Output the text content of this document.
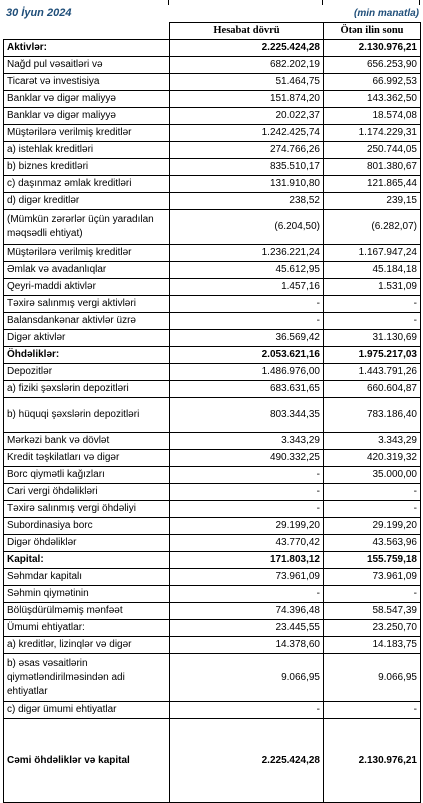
30 İyun 2024	(min manatla)
	Hesabat dövrü	Ötən ilin sonu
Aktivlər:	2.225.424,28	2.130.976,21
Nağd pul vəsaitləri və	682.202,19	656.253,90
Ticarət və investisiya	51.464,75	66.992,53
Banklar və digər maliyyə	151.874,20	143.362,50
Banklar və digər maliyyə	20.022,37	18.574,08
Müştərilərə verilmiş kreditlər	1.242.425,74	1.174.229,31
a) istehlak kreditləri	274.766,26	250.744,05
b) biznes kreditləri	835.510,17	801.380,67
c) daşınmaz əmlak kreditləri	131.910,80	121.865,44
d) digər kreditlər	238,52	239,15
(Mümkün zərərlər üçün yaradılan məqsədli ehtiyat)	(6.204,50)	(6.282,07)
Müştərilərə verilmiş kreditlər	1.236.221,24	1.167.947,24
Əmlak və avadanlıqlar	45.612,95	45.184,18
Qeyri-maddi aktivlər	1.457,16	1.531,09
Təxirə salınmış vergi aktivləri	-	-
Balansdankənar aktivlər üzrə	-	-
Digər aktivlər	36.569,42	31.130,69
Öhdəliklər:	2.053.621,16	1.975.217,03
Depozitlər	1.486.976,00	1.443.791,26
a) fiziki şəxslərin depozitləri	683.631,65	660.604,87
b) hüquqi şəxslərin depozitləri	803.344,35	783.186,40
Mərkəzi bank və dövlət	3.343,29	3.343,29
Kredit təşkilatları və digər	490.332,25	420.319,32
Borc qiymətli kağızları	-	35.000,00
Cari vergi öhdəlikləri	-	-
Təxirə salınmış vergi öhdəliyi	-	-
Subordinasiya borc	29.199,20	29.199,20
Digər öhdəliklər	43.770,42	43.563,96
Kapital:	171.803,12	155.759,18
Səhmdar kapitalı	73.961,09	73.961,09
Səhmin qiymətinin	-	-
Bölüşdürülməmiş mənfəət	74.396,48	58.547,39
Ümumi ehtiyatlar:	23.445,55	23.250,70
a) kreditlər, lizinqlər və digər	14.378,60	14.183,75
b) əsas vəsaitlərin qiymətləndirilməsindən adi ehtiyatlar	9.066,95	9.066,95
c) digər ümumi ehtiyatlar	-	-
Cəmi öhdəliklər və kapital	2.225.424,28	2.130.976,21
